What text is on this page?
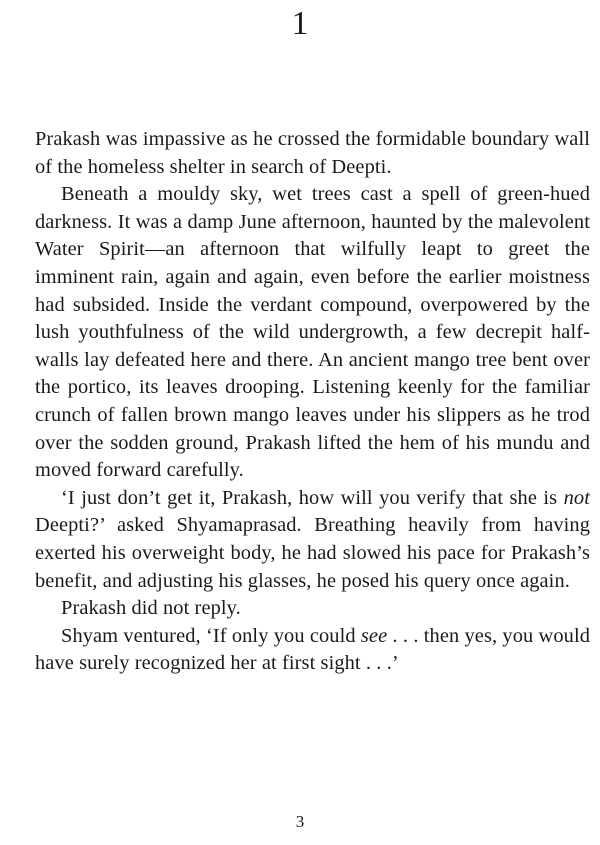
1

Prakash was impassive as he crossed the formidable boundary wall of the homeless shelter in search of Deepti.

Beneath a mouldy sky, wet trees cast a spell of green-hued darkness. It was a damp June afternoon, haunted by the malevolent Water Spirit—an afternoon that wilfully leapt to greet the imminent rain, again and again, even before the earlier moistness had subsided. Inside the verdant compound, overpowered by the lush youthfulness of the wild undergrowth, a few decrepit half-walls lay defeated here and there. An ancient mango tree bent over the portico, its leaves drooping. Listening keenly for the familiar crunch of fallen brown mango leaves under his slippers as he trod over the sodden ground, Prakash lifted the hem of his mundu and moved forward carefully.

‘I just don’t get it, Prakash, how will you verify that she is not Deepti?’ asked Shyamaprasad. Breathing heavily from having exerted his overweight body, he had slowed his pace for Prakash’s benefit, and adjusting his glasses, he posed his query once again.

Prakash did not reply.

Shyam ventured, ‘If only you could see . . . then yes, you would have surely recognized her at first sight . . .’

3
